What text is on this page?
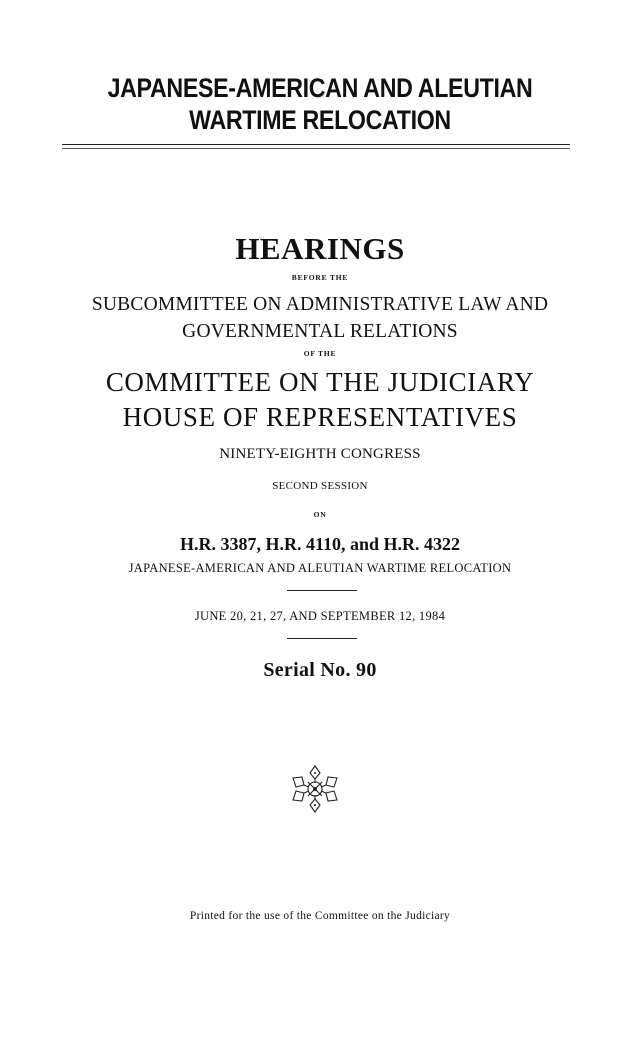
JAPANESE-AMERICAN AND ALEUTIAN
WARTIME RELOCATION
HEARINGS
BEFORE THE
SUBCOMMITTEE ON ADMINISTRATIVE LAW AND
GOVERNMENTAL RELATIONS
OF THE
COMMITTEE ON THE JUDICIARY
HOUSE OF REPRESENTATIVES
NINETY-EIGHTH CONGRESS
SECOND SESSION
ON
H.R. 3387, H.R. 4110, and H.R. 4322
JAPANESE-AMERICAN AND ALEUTIAN WARTIME RELOCATION
JUNE 20, 21, 27, AND SEPTEMBER 12, 1984
Serial No. 90
Printed for the use of the Committee on the Judiciary
